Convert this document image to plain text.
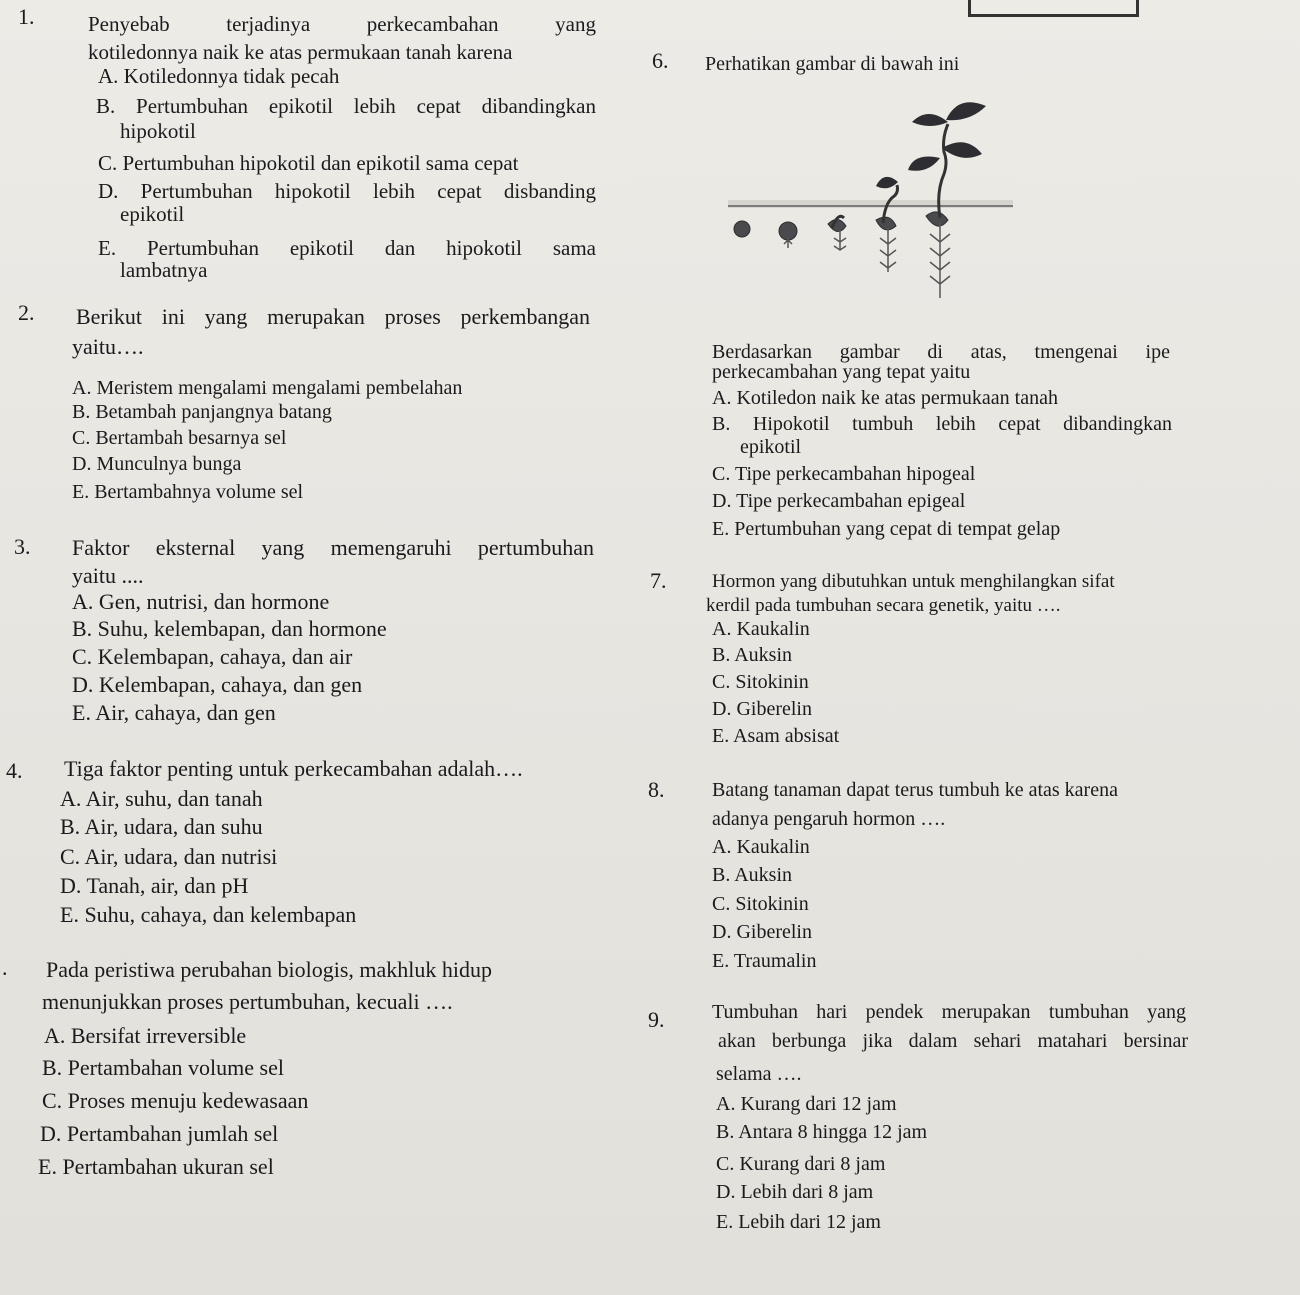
1.	Penyebab terjadinya perkecambahan yang
kotiledonnya naik ke atas permukaan tanah karena
A. Kotiledonnya tidak pecah
B. Pertumbuhan epikotil lebih cepat dibandingkan
hipokotil
C. Pertumbuhan hipokotil dan epikotil sama cepat
D. Pertumbuhan hipokotil lebih cepat disbanding
epikotil
E. Pertumbuhan epikotil dan hipokotil sama
lambatnya
2. Berikut ini yang merupakan proses perkembangan
yaitu….
A. Meristem mengalami mengalami pembelahan
B. Betambah panjangnya batang
C. Bertambah besarnya sel
D. Munculnya bunga
E. Bertambahnya volume sel
3. Faktor eksternal yang memengaruhi pertumbuhan
yaitu ....
A. Gen, nutrisi, dan hormone
B. Suhu, kelembapan, dan hormone
C. Kelembapan, cahaya, dan air
D. Kelembapan, cahaya, dan gen
E. Air, cahaya, dan gen
4. Tiga faktor penting untuk perkecambahan adalah….
A. Air, suhu, dan tanah
B. Air, udara, dan suhu
C. Air, udara, dan nutrisi
D. Tanah, air, dan pH
E. Suhu, cahaya, dan kelembapan
. Pada peristiwa perubahan biologis, makhluk hidup
menunjukkan proses pertumbuhan, kecuali ….
A. Bersifat irreversible
B. Pertambahan volume sel
C. Proses menuju kedewasaan
D. Pertambahan jumlah sel
E. Pertambahan ukuran sel
6. Perhatikan gambar di bawah ini
Berdasarkan gambar di atas, tmengenai ipe
perkecambahan yang tepat yaitu
A. Kotiledon naik ke atas permukaan tanah
B. Hipokotil tumbuh lebih cepat dibandingkan
epikotil
C. Tipe perkecambahan hipogeal
D. Tipe perkecambahan epigeal
E. Pertumbuhan yang cepat di tempat gelap
7. Hormon yang dibutuhkan untuk menghilangkan sifat
kerdil pada tumbuhan secara genetik, yaitu ….
A. Kaukalin
B. Auksin
C. Sitokinin
D. Giberelin
E. Asam absisat
8. Batang tanaman dapat terus tumbuh ke atas karena
adanya pengaruh hormon ….
A. Kaukalin
B. Auksin
C. Sitokinin
D. Giberelin
E. Traumalin
9. Tumbuhan hari pendek merupakan tumbuhan yang
akan berbunga jika dalam sehari matahari bersinar
selama ….
A. Kurang dari 12 jam
B. Antara 8 hingga 12 jam
C. Kurang dari 8 jam
D. Lebih dari 8 jam
E. Lebih dari 12 jam
